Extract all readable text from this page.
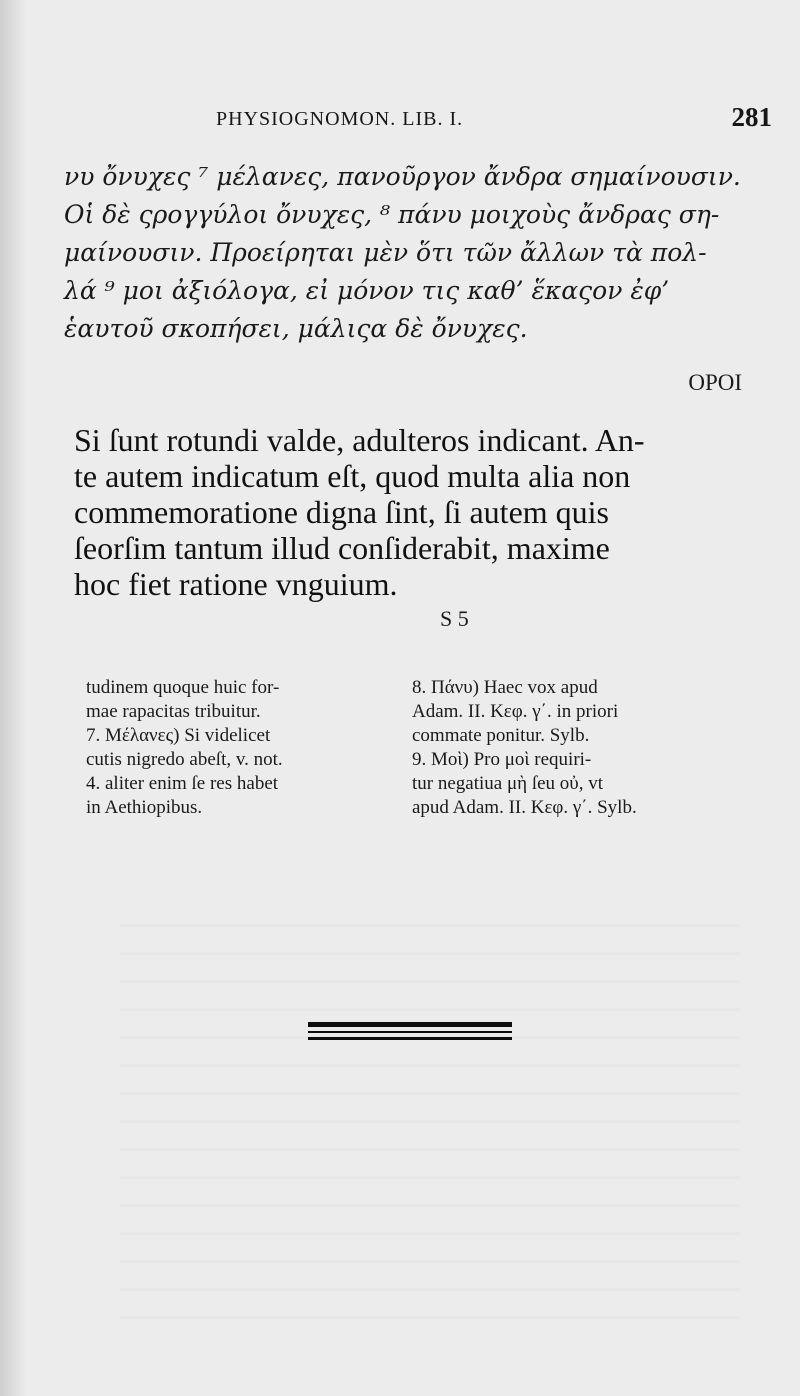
PHYSIOGNOMON. LIB. I.	281
νυ ὄνυχες ⁷ μέλανες, πανοῦργον ἄνδρα σημαίνουσιν.
Οἱ δὲ ςρογγύλοι ὄνυχες, ⁸ πάνυ μοιχοὺς ἄνδρας ση-
μαίνουσιν. Προείρηται μὲν ὅτι τῶν ἄλλων τὰ πολ-
λά ⁹ μοι ἀξιόλογα, εἰ μόνον τις καθ’ ἕκαςον ἐφ’
ἑαυτοῦ σκοπήσει, μάλιςα δὲ ὄνυχες.
ΟΡΟΙ
Si ſunt rotundi valde, adulteros indicant. An-
te autem indicatum eſt, quod multa alia non
commemoratione digna ſint, ſi autem quis
ſeorſim tantum illud conſiderabit, maxime
hoc fiet ratione vnguium.
S 5
tudinem quoque huic for-
mae rapacitas tribuitur.
7. Μέλανες) Si videlicet
cutis nigredo abeſt, v. not.
4. aliter enim ſe res habet
in Aethiopibus.
8. Πάνυ) Haec vox apud
Adam. II. Κεφ. γ΄. in priori
commate ponitur. Sylb.
9. Μοὶ) Pro μοὶ requiri-
tur negatiua μὴ ſeu οὐ, vt
apud Adam. II. Κεφ. γ΄. Sylb.
